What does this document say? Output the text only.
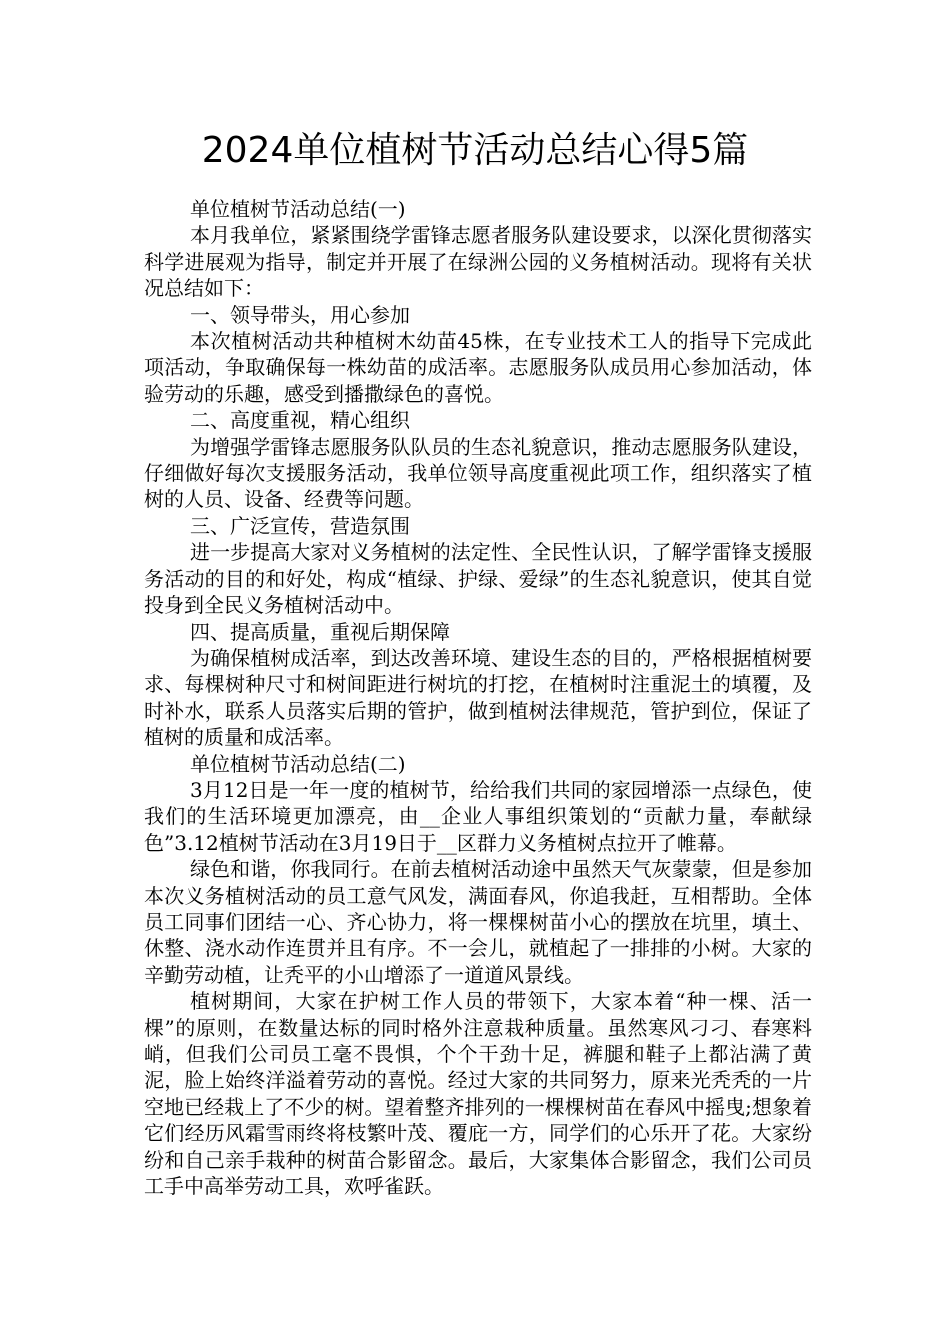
2024单位植树节活动总结心得5篇

单位植树节活动总结(一)

本月我单位，紧紧围绕学雷锋志愿者服务队建设要求，以深化贯彻落实科学进展观为指导，制定并开展了在绿洲公园的义务植树活动。现将有关状况总结如下：

一、领导带头，用心参加

本次植树活动共种植树木幼苗45株，在专业技术工人的指导下完成此项活动，争取确保每一株幼苗的成活率。志愿服务队成员用心参加活动，体验劳动的乐趣，感受到播撒绿色的喜悦。

二、高度重视，精心组织

为增强学雷锋志愿服务队队员的生态礼貌意识，推动志愿服务队建设，仔细做好每次支援服务活动，我单位领导高度重视此项工作，组织落实了植树的人员、设备、经费等问题。

三、广泛宣传，营造氛围

进一步提高大家对义务植树的法定性、全民性认识，了解学雷锋支援服务活动的目的和好处，构成“植绿、护绿、爱绿”的生态礼貌意识，使其自觉投身到全民义务植树活动中。

四、提高质量，重视后期保障

为确保植树成活率，到达改善环境、建设生态的目的，严格根据植树要求、每棵树种尺寸和树间距进行树坑的打挖，在植树时注重泥土的填覆，及时补水，联系人员落实后期的管护，做到植树法律规范，管护到位，保证了植树的质量和成活率。

单位植树节活动总结(二)

3月12日是一年一度的植树节，给给我们共同的家园增添一点绿色，使我们的生活环境更加漂亮，由__企业人事组织策划的“贡献力量，奉献绿色”3.12植树节活动在3月19日于__区群力义务植树点拉开了帷幕。

绿色和谐，你我同行。在前去植树活动途中虽然天气灰蒙蒙，但是参加本次义务植树活动的员工意气风发，满面春风，你追我赶，互相帮助。全体员工同事们团结一心、齐心协力，将一棵棵树苗小心的摆放在坑里，填土、休整、浇水动作连贯并且有序。不一会儿，就植起了一排排的小树。大家的辛勤劳动植，让秃平的小山增添了一道道风景线。

植树期间，大家在护树工作人员的带领下，大家本着“种一棵、活一棵”的原则，在数量达标的同时格外注意栽种质量。虽然寒风刁刁、春寒料峭，但我们公司员工毫不畏惧，个个干劲十足，裤腿和鞋子上都沾满了黄泥，脸上始终洋溢着劳动的喜悦。经过大家的共同努力，原来光秃秃的一片空地已经栽上了不少的树。望着整齐排列的一棵棵树苗在春风中摇曳;想象着它们经历风霜雪雨终将枝繁叶茂、覆庇一方，同学们的心乐开了花。大家纷纷和自己亲手栽种的树苗合影留念。最后，大家集体合影留念，我们公司员工手中高举劳动工具，欢呼雀跃。
